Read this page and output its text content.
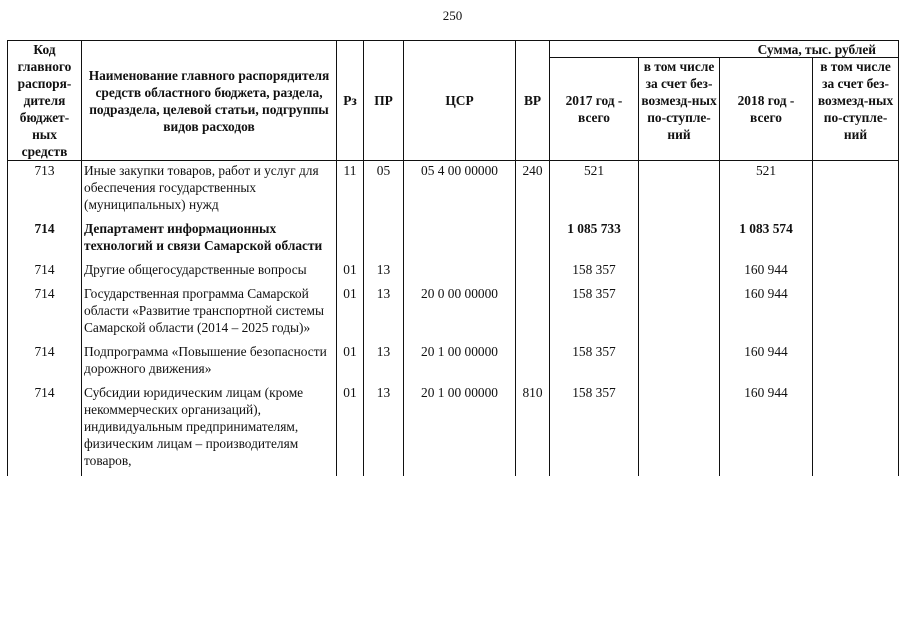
250
Код главного распоря-дителя бюджет-ных средств	Наименование главного распорядителя средств областного бюджета, раздела, подраздела, целевой статьи, подгруппы видов расходов	Рз	ПР	ЦСР	ВР	Сумма, тыс. рублей			
						2017 год - всего	в том числе за счет без-возмезд-ных по-ступле-ний	2018 год - всего	в том числе за счет без-возмезд-ных по-ступле-ний
713	Иные закупки товаров, работ и услуг для обеспечения государственных (муниципальных) нужд	11	05	05 4 00 00000	240	521		521	
714	Департамент информационных технологий и связи Самарской области					1 085 733		1 083 574	
714	Другие общегосударственные вопросы	01	13			158 357		160 944	
714	Государственная программа Самарской области «Развитие транспортной системы Самарской области (2014 – 2025 годы)»	01	13	20 0 00 00000		158 357		160 944	
714	Подпрограмма «Повышение безопасности дорожного движения»	01	13	20 1 00 00000		158 357		160 944	
714	Субсидии юридическим лицам (кроме некоммерческих организаций), индивидуальным предпринимателям, физическим лицам – производителям товаров,	01	13	20 1 00 00000	810	158 357		160 944	
